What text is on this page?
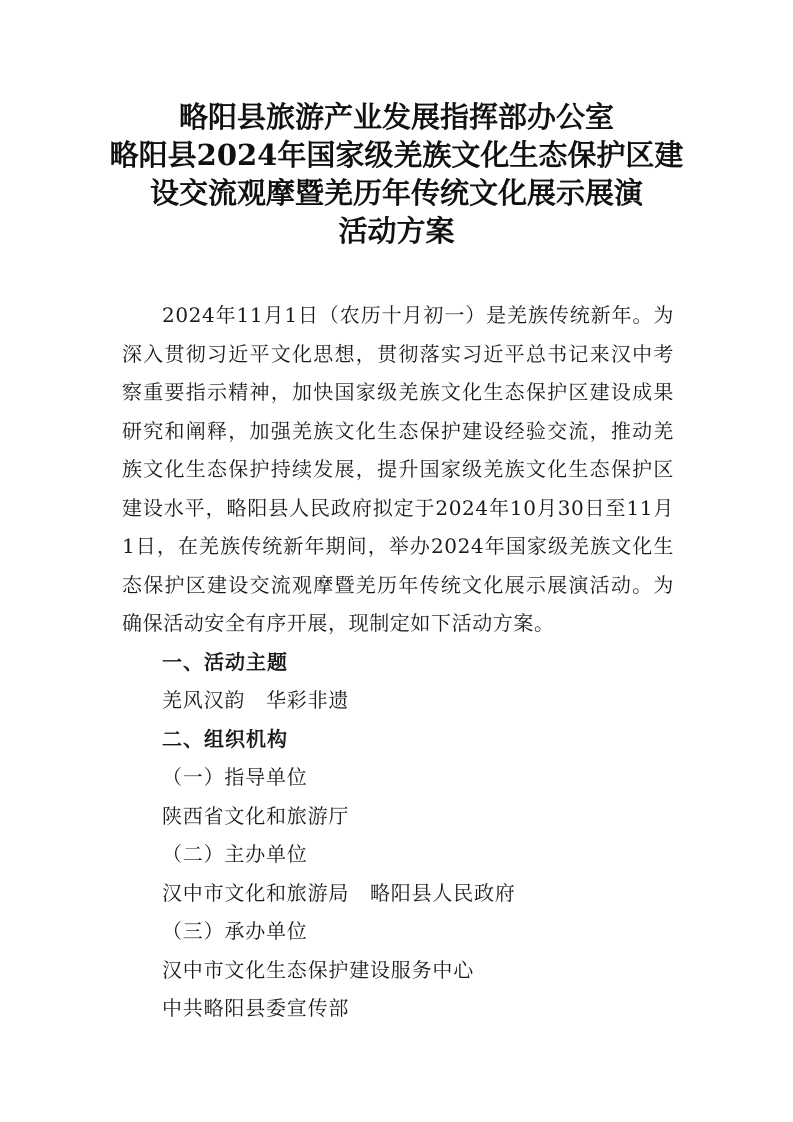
略阳县旅游产业发展指挥部办公室
略阳县2024年国家级羌族文化生态保护区建
设交流观摩暨羌历年传统文化展示展演
活动方案

2024年11月1日（农历十月初一）是羌族传统新年。为深入贯彻习近平文化思想，贯彻落实习近平总书记来汉中考察重要指示精神，加快国家级羌族文化生态保护区建设成果研究和阐释，加强羌族文化生态保护建设经验交流，推动羌族文化生态保护持续发展，提升国家级羌族文化生态保护区建设水平，略阳县人民政府拟定于2024年10月30日至11月1日，在羌族传统新年期间，举办2024年国家级羌族文化生态保护区建设交流观摩暨羌历年传统文化展示展演活动。为确保活动安全有序开展，现制定如下活动方案。

一、活动主题

羌风汉韵　华彩非遗

二、组织机构

（一）指导单位

陕西省文化和旅游厅

（二）主办单位

汉中市文化和旅游局　略阳县人民政府

（三）承办单位

汉中市文化生态保护建设服务中心

中共略阳县委宣传部
